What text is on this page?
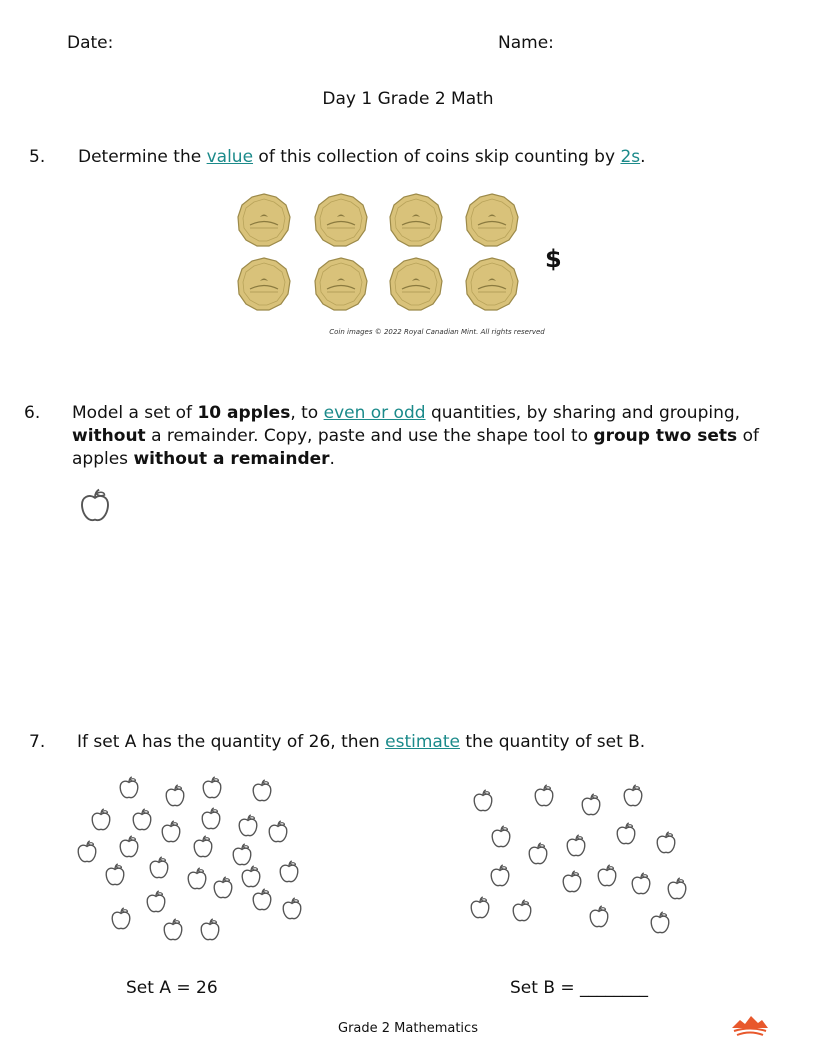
Date:	Name:
Day 1 Grade 2 Math
5. Determine the value of this collection of coins skip counting by 2s.
$
Coin images © 2022 Royal Canadian Mint. All rights reserved
6. Model a set of 10 apples, to even or odd quantities, by sharing and grouping,
without a remainder. Copy, paste and use the shape tool to group two sets of
apples without a remainder.
7. If set A has the quantity of 26, then estimate the quantity of set B.
Set A = 26	Set B = ________
Grade 2 Mathematics
